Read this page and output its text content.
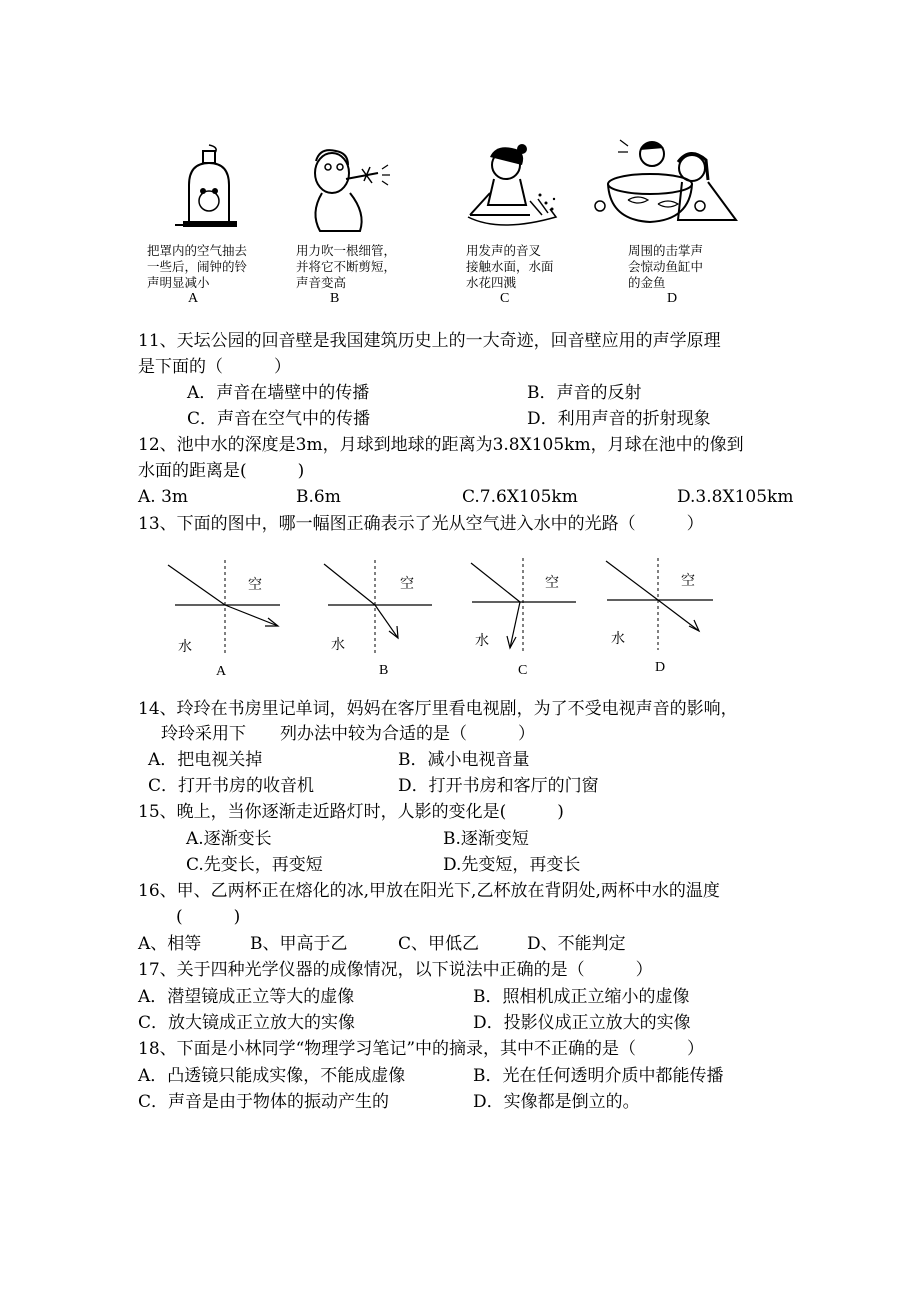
把罩内的空气抽去
一些后，闹钟的铃
声明显减小
A
用力吹一根细管，
并将它不断剪短，
声音变高
B
用发声的音叉
接触水面，水面
水花四溅
C
周围的击掌声
会惊动鱼缸中
的金鱼
D
11、天坛公园的回音壁是我国建筑历史上的一大奇迹，回音壁应用的声学原理
是下面的（　　　）
A．声音在墙壁中的传播	B．声音的反射
C．声音在空气中的传播	D．利用声音的折射现象
12、池中水的深度是3m，月球到地球的距离为3.8X105km，月球在池中的像到
水面的距离是(　　　)
A. 3m	B.6m	C.7.6X105km	D.3.8X105km
13、下面的图中，哪一幅图正确表示了光从空气进入水中的光路（　　　）
空
水
A
空
水
B
空
水
C
空
水
D
14、玲玲在书房里记单词，妈妈在客厅里看电视剧，为了不受电视声音的影响，
玲玲采用下　　列办法中较为合适的是（　　　）
A．把电视关掉	B．减小电视音量
C．打开书房的收音机	D．打开书房和客厅的门窗
15、晚上，当你逐渐走近路灯时，人影的变化是(　　　)
A.逐渐变长	B.逐渐变短
C.先变长，再变短	D.先变短，再变长
16、甲、乙两杯正在熔化的冰,甲放在阳光下,乙杯放在背阴处,两杯中水的温度
(　　　)
A、相等	B、甲高于乙	C、甲低乙	D、不能判定
17、关于四种光学仪器的成像情况，以下说法中正确的是（　　　）
A．潜望镜成正立等大的虚像	B．照相机成正立缩小的虚像
C．放大镜成正立放大的实像	D．投影仪成正立放大的实像
18、下面是小林同学“物理学习笔记”中的摘录，其中不正确的是（　　　）
A．凸透镜只能成实像，不能成虚像	B．光在任何透明介质中都能传播
C．声音是由于物体的振动产生的	D．实像都是倒立的。
